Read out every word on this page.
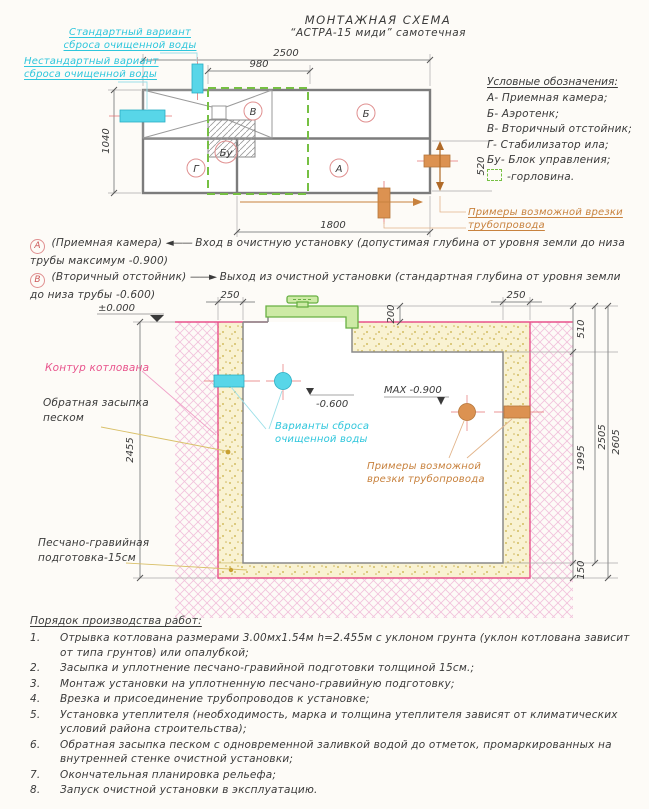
2500
980
1040
1800
520
В	Б
Г	А
Бу
250	250
200
510
1995
150
2505 2605
2455
±0.000
-0.600
MAX -0.900
МОНТАЖНАЯ СХЕМА
“АСТРА-15 миди” самотечная
Условные обозначения:
А- Приемная камера;
Б- Аэротенк;
В- Вторичный отстойник;
Г- Стабилизатор ила;
Бу- Блок управления;
-горловина.
Стандартный вариант
сброса очищенной воды
Нестандартный вариант
сброса очищенной воды
Примеры возможной врезки
трубопровода
А (Приемная камера) ◄—— Вход в очистную установку (допустимая глубина от уровня земли до низа трубы максимум -0.900)
В (Вторичный отстойник) ——► Выход из очистной установки (стандартная глубина от уровня земли до низа трубы -0.600)
Контур котлована
Обратная засыпка
песком
Песчано-гравийная
подготовка-15см
Варианты сброса
очищенной воды
Примеры возможной
врезки трубопровода
Порядок производства работ:
1.	Отрывка котлована размерами 3.00мх1.54м h=2.455м с уклоном грунта (уклон котлована зависит от типа грунтов) или опалубкой;
2.	Засыпка и уплотнение песчано-гравийной подготовки толщиной 15см.;
3.	Монтаж установки на уплотненную песчано-гравийную подготовку;
4.	Врезка и присоединение трубопроводов к установке;
5.	Установка утеплителя (необходимость, марка и толщина утеплителя зависят от климатических условий района строительства);
6.	Обратная засыпка песком с одновременной заливкой водой до отметок, промаркированных на внутренней стенке очистной установки;
7.	Окончательная планировка рельефа;
8.	Запуск очистной установки в эксплуатацию.
